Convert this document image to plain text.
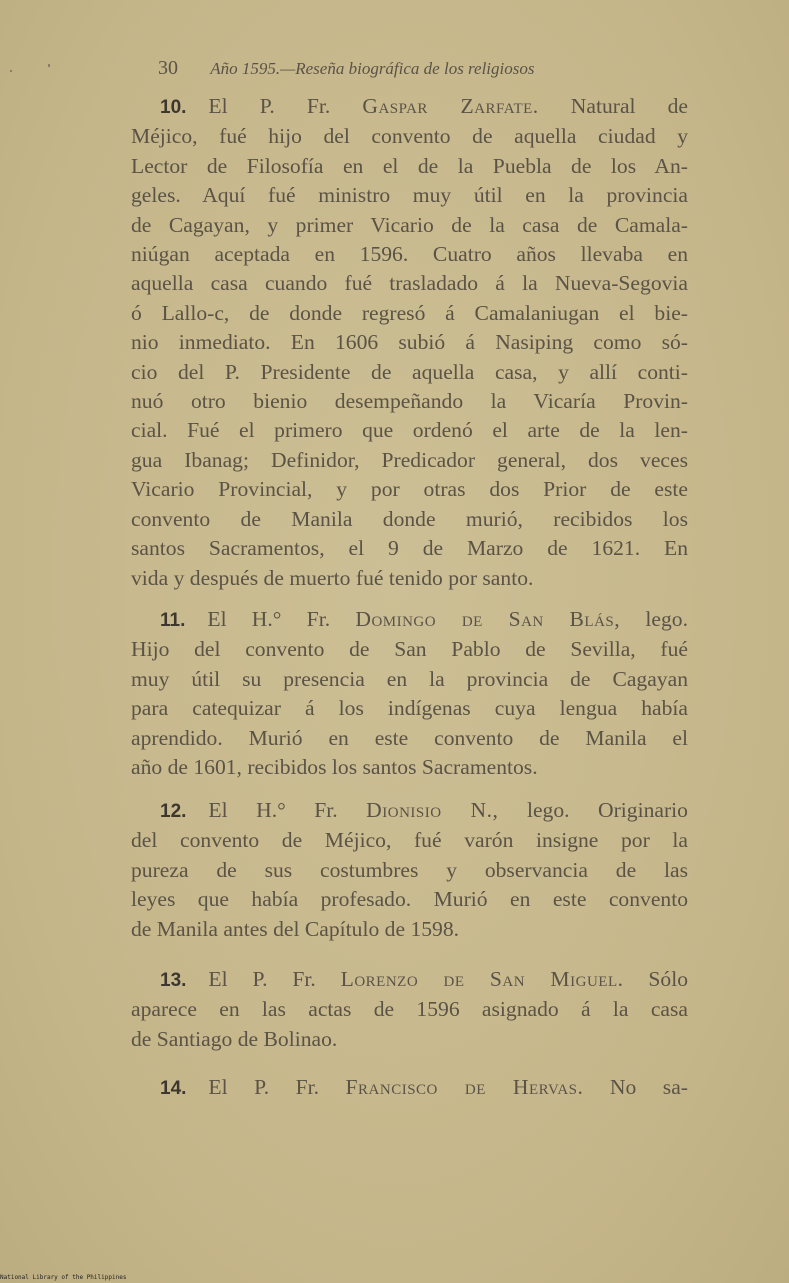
30 Año 1595.—Reseña biográfica de los religiosos

10. El P. Fr. Gaspar Zarfate. Natural de

Méjico, fué hijo del convento de aquella ciudad y

Lector de Filosofía en el de la Puebla de los An-

geles. Aquí fué ministro muy útil en la provincia

de Cagayan, y primer Vicario de la casa de Camala-

niúgan aceptada en 1596. Cuatro años llevaba en

aquella casa cuando fué trasladado á la Nueva-Segovia

ó Lallo-c, de donde regresó á Camalaniugan el bie-

nio inmediato. En 1606 subió á Nasiping como só-

cio del P. Presidente de aquella casa, y allí conti-

nuó otro bienio desempeñando la Vicaría Provin-

cial. Fué el primero que ordenó el arte de la len-

gua Ibanag; Definidor, Predicador general, dos veces

Vicario Provincial, y por otras dos Prior de este

convento de Manila donde murió, recibidos los

santos Sacramentos, el 9 de Marzo de 1621. En

vida y después de muerto fué tenido por santo.

11. El H.° Fr. Domingo de San Blás, lego.

Hijo del convento de San Pablo de Sevilla, fué

muy útil su presencia en la provincia de Cagayan

para catequizar á los indígenas cuya lengua había

aprendido. Murió en este convento de Manila el

año de 1601, recibidos los santos Sacramentos.

12. El H.° Fr. Dionisio N., lego. Originario

del convento de Méjico, fué varón insigne por la

pureza de sus costumbres y observancia de las

leyes que había profesado. Murió en este convento

de Manila antes del Capítulo de 1598.

13. El P. Fr. Lorenzo de San Miguel. Sólo

aparece en las actas de 1596 asignado á la casa

de Santiago de Bolinao.

14. El P. Fr. Francisco de Hervas. No sa-

National Library of the Philippines
